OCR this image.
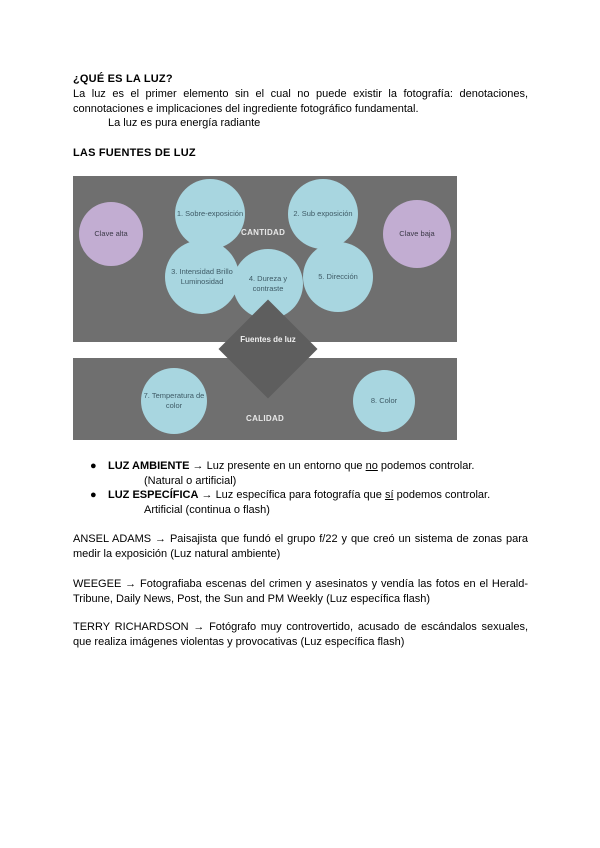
¿QUÉ ES LA LUZ?
La luz es el primer elemento sin el cual no puede existir la fotografía: denotaciones, connotaciones e implicaciones del ingrediente fotográfico fundamental.
La luz es pura energía radiante
LAS FUENTES DE LUZ
Clave alta	Clave baja
1. Sobre-exposición	2. Sub exposición
CANTIDAD
3. Intensidad Brillo Luminosidad	4. Dureza y contraste
5. Dirección
Fuentes de luz
7. Temperatura de color
CALIDAD
8. Color
● LUZ AMBIENTE → Luz presente en un entorno que no podemos controlar.
(Natural o artificial)
● LUZ ESPECÍFICA → Luz específica para fotografía que sí podemos controlar.
Artificial (continua o flash)
ANSEL ADAMS → Paisajista que fundó el grupo f/22 y que creó un sistema de zonas para medir la exposición (Luz natural ambiente)
WEEGEE → Fotografiaba escenas del crimen y asesinatos y vendía las fotos en el Herald-Tribune, Daily News, Post, the Sun and PM Weekly (Luz específica flash)
TERRY RICHARDSON → Fotógrafo muy controvertido, acusado de escándalos sexuales, que realiza imágenes violentas y provocativas (Luz específica flash)
